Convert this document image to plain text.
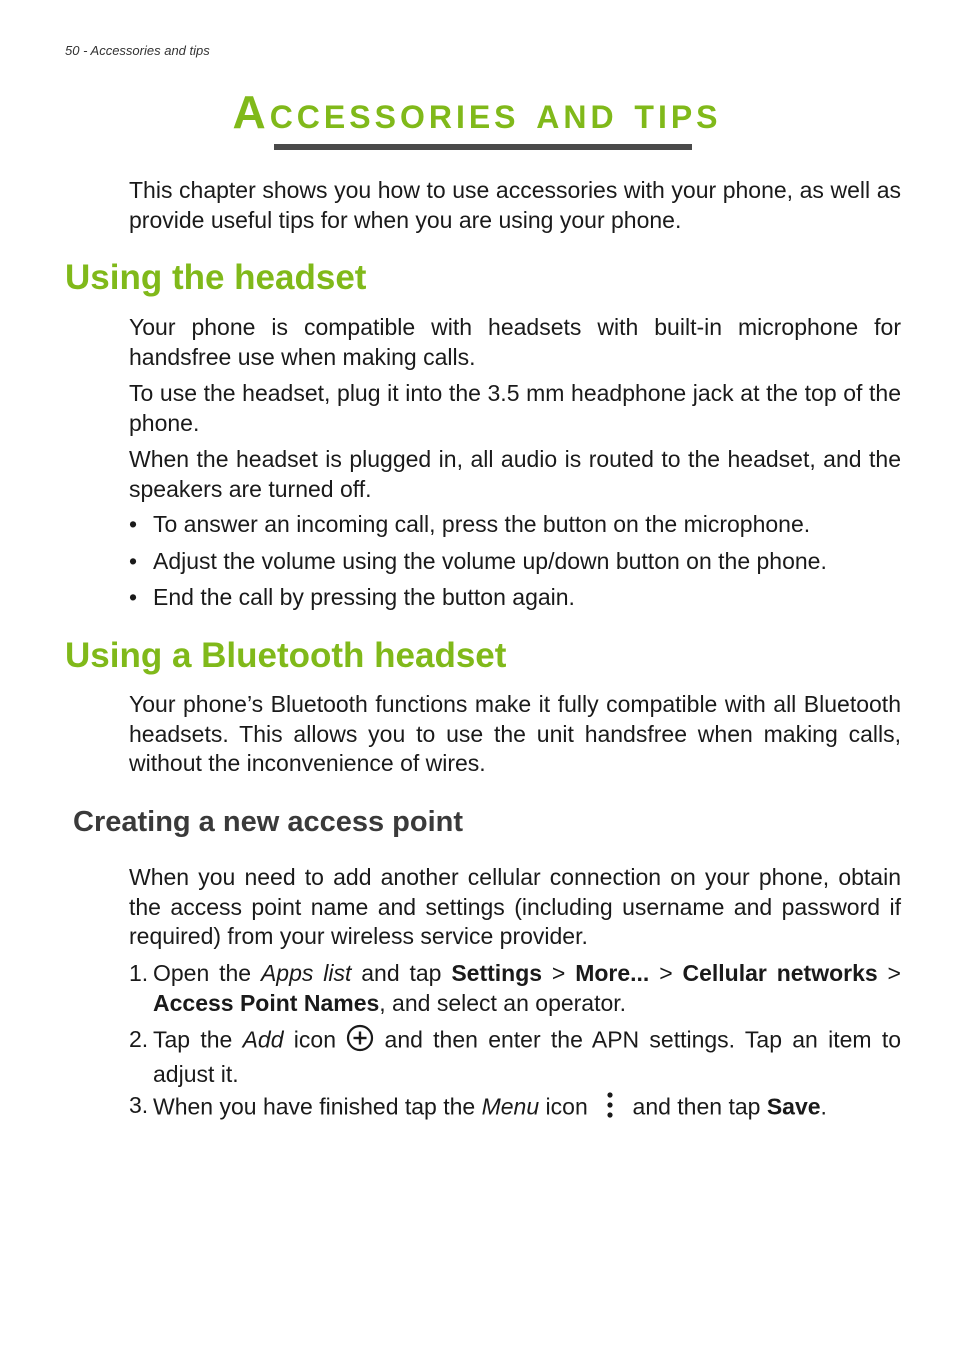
50 - Accessories and tips
Accessories and tips

This chapter shows you how to use accessories with your phone, as well as provide useful tips for when you are using your phone.

Using the headset

Your phone is compatible with headsets with built-in microphone for handsfree use when making calls.

To use the headset, plug it into the 3.5 mm headphone jack at the top of the phone.

When the headset is plugged in, all audio is routed to the headset, and the speakers are turned off.

• To answer an incoming call, press the button on the microphone.
• Adjust the volume using the volume up/down button on the phone.
• End the call by pressing the button again.
Using a Bluetooth headset

Your phone’s Bluetooth functions make it fully compatible with all Bluetooth headsets. This allows you to use the unit handsfree when making calls, without the inconvenience of wires.

Creating a new access point

When you need to add another cellular connection on your phone, obtain the access point name and settings (including username and password if required) from your wireless service provider.

1. Open the Apps list and tap Settings > More... > Cellular networks > Access Point Names, and select an operator.
2. Tap the Add icon  and then enter the APN settings. Tap an item to adjust it.
3. When you have finished tap the Menu icon  and then tap Save.
